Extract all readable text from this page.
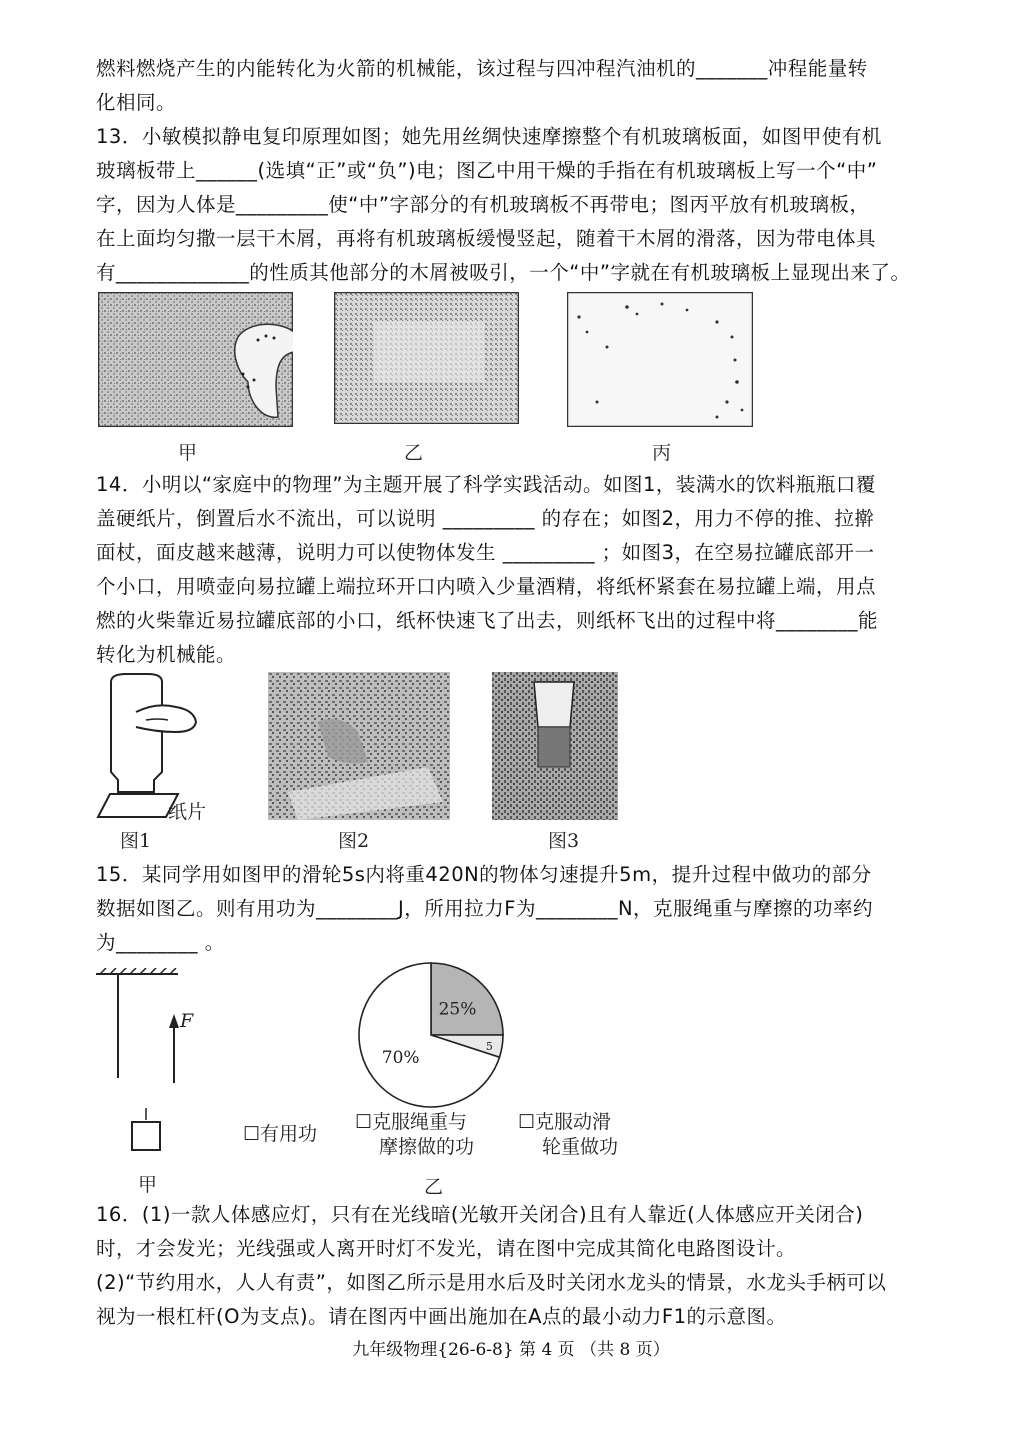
燃料燃烧产生的内能转化为火箭的机械能，该过程与四冲程汽油机的_______冲程能量转
化相同。
13．小敏模拟静电复印原理如图；她先用丝绸快速摩擦整个有机玻璃板面，如图甲使有机
玻璃板带上______(选填“正”或“负”)电；图乙中用干燥的手指在有机玻璃板上写一个“中”
字，因为人体是_________使“中”字部分的有机玻璃板不再带电；图丙平放有机玻璃板，
在上面均匀撒一层干木屑，再将有机玻璃板缓慢竖起，随着干木屑的滑落，因为带电体具
有_____________的性质其他部分的木屑被吸引，一个“中”字就在有机玻璃板上显现出来了。
甲	乙	丙
14．小明以“家庭中的物理”为主题开展了科学实践活动。如图1，装满水的饮料瓶瓶口覆
盖硬纸片，倒置后水不流出，可以说明 _________ 的存在；如图2，用力不停的推、拉擀
面杖，面皮越来越薄，说明力可以使物体发生 _________ ；如图3，在空易拉罐底部开一
个小口，用喷壶向易拉罐上端拉环开口内喷入少量酒精，将纸杯紧套在易拉罐上端，用点
燃的火柴靠近易拉罐底部的小口，纸杯快速飞了出去，则纸杯飞出的过程中将________能
转化为机械能。
纸片
图1	图2	图3
15．某同学用如图甲的滑轮5s内将重420N的物体匀速提升5m，提升过程中做功的部分
数据如图乙。则有用功为________J，所用拉力F为________N，克服绳重与摩擦的功率约
为________ 。
F
甲
25%
5
70%
乙
☐有用功
☐克服绳重与
摩擦做的功
☐克服动滑
轮重做功
16．(1)一款人体感应灯，只有在光线暗(光敏开关闭合)且有人靠近(人体感应开关闭合)
时，才会发光；光线强或人离开时灯不发光，请在图中完成其简化电路图设计。
(2)“节约用水，人人有责”，如图乙所示是用水后及时关闭水龙头的情景，水龙头手柄可以
视为一根杠杆(O为支点)。请在图丙中画出施加在A点的最小动力F1的示意图。
九年级物理{26-6-8} 第 4 页 （共 8 页）
